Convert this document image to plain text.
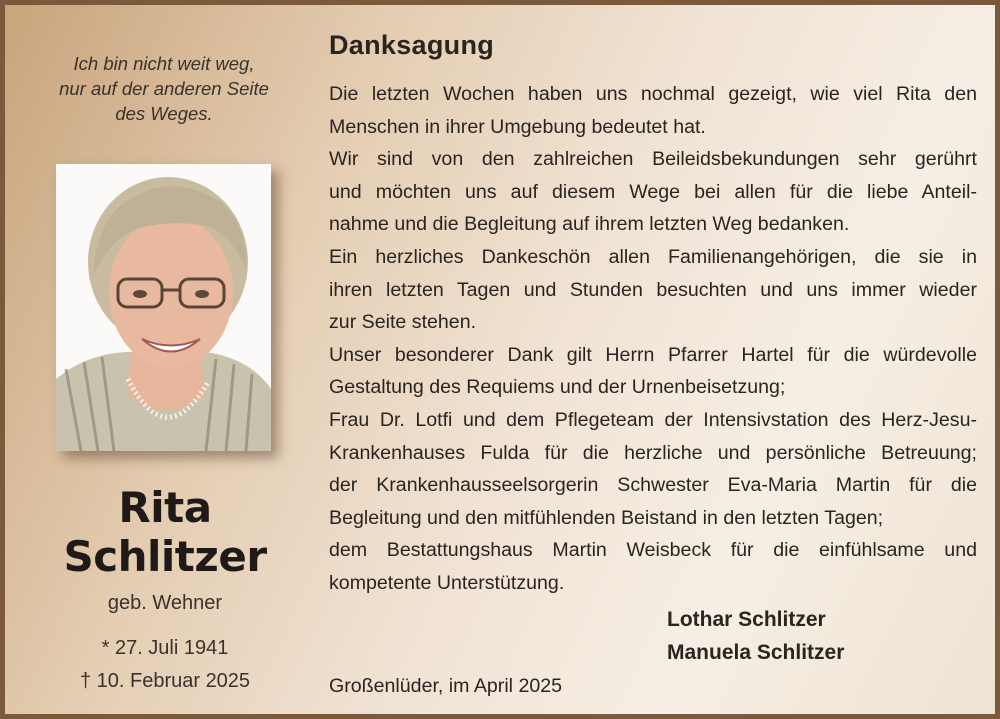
Ich bin nicht weit weg,
nur auf der anderen Seite
des Weges.
Rita
Schlitzer
geb. Wehner
* 27. Juli 1941
† 10. Februar 2025
Danksagung
Die letzten Wochen haben uns nochmal gezeigt, wie viel Rita den
Menschen in ihrer Umgebung bedeutet hat.
Wir sind von den zahlreichen Beileidsbekundungen sehr gerührt
und möchten uns auf diesem Wege bei allen für die liebe Anteil-
nahme und die Begleitung auf ihrem letzten Weg bedanken.
Ein herzliches Dankeschön allen Familienangehörigen, die sie in
ihren letzten Tagen und Stunden besuchten und uns immer wieder
zur Seite stehen.
Unser besonderer Dank gilt Herrn Pfarrer Hartel für die würdevolle
Gestaltung des Requiems und der Urnenbeisetzung;
Frau Dr. Lotfi und dem Pflegeteam der Intensivstation des Herz-Jesu-
Krankenhauses Fulda für die herzliche und persönliche Betreuung;
der Krankenhausseelsorgerin Schwester Eva-Maria Martin für die
Begleitung und den mitfühlenden Beistand in den letzten Tagen;
dem Bestattungshaus Martin Weisbeck für die einfühlsame und
kompetente Unterstützung.
Lothar Schlitzer
Manuela Schlitzer
Großenlüder, im April 2025
